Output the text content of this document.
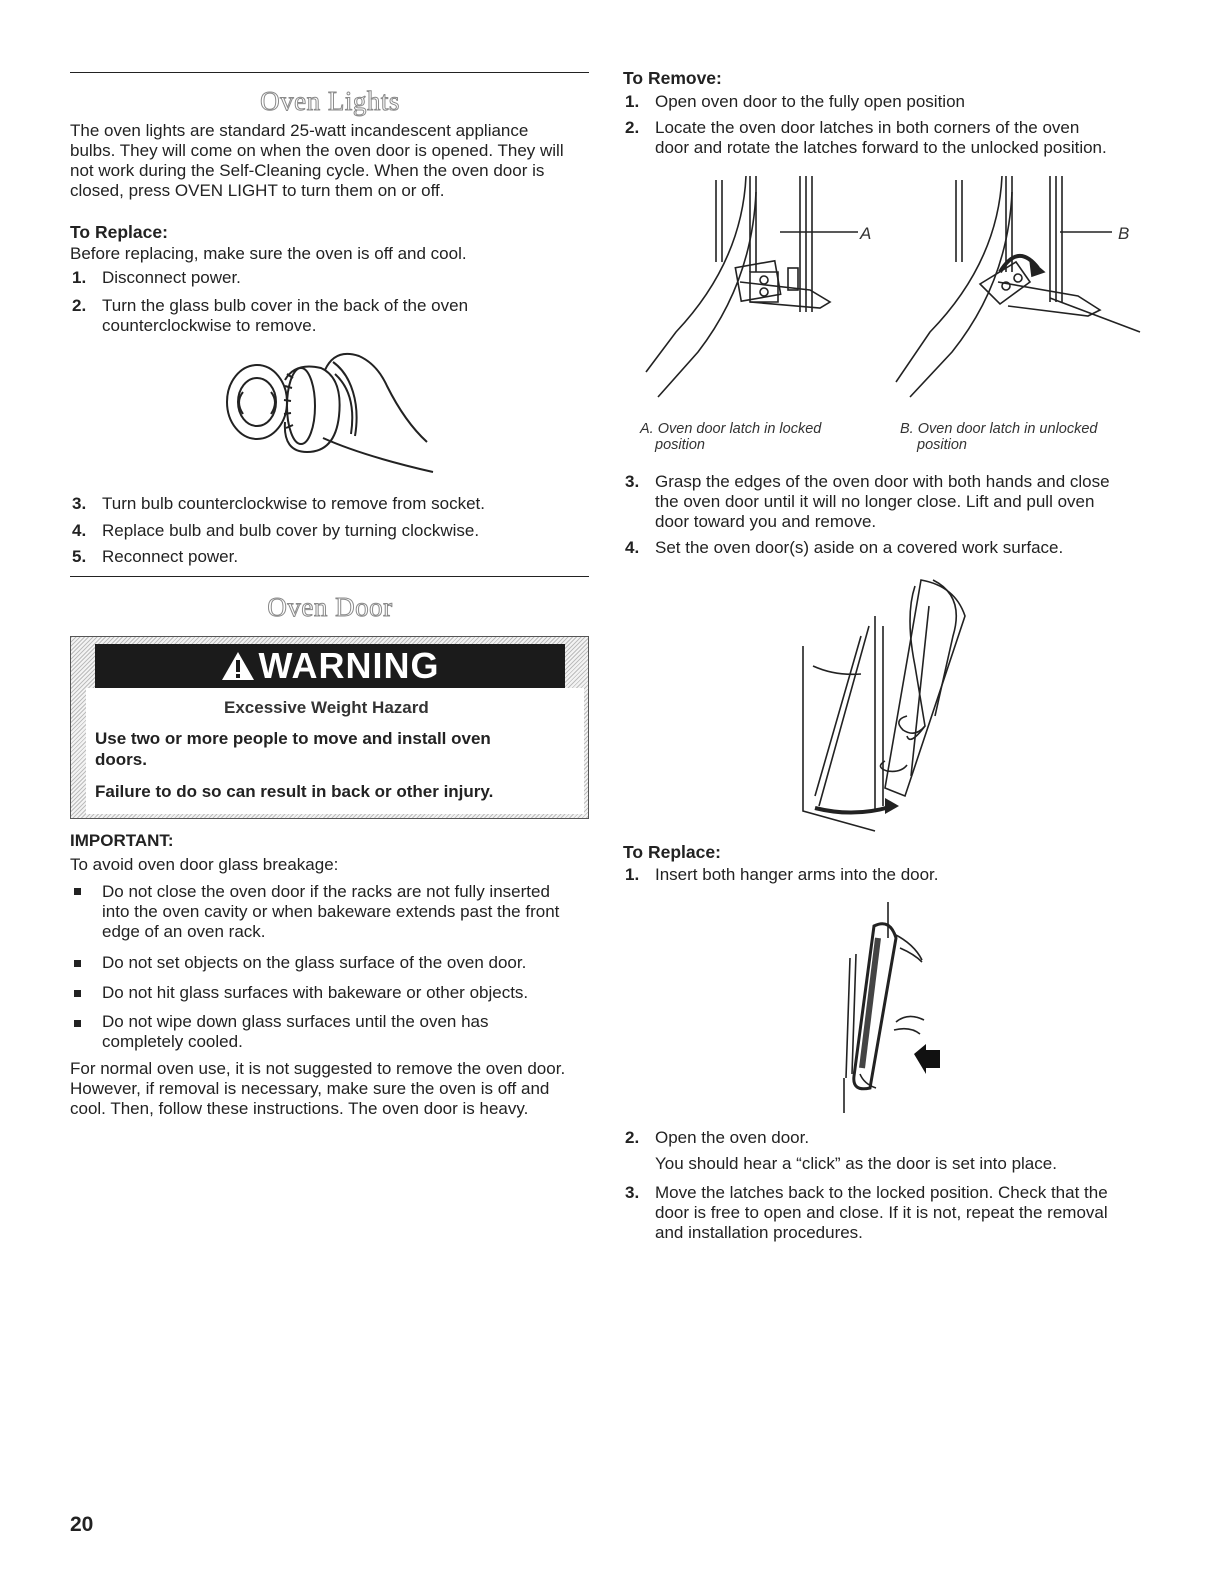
Oven Lights

The oven lights are standard 25-watt incandescent appliance

bulbs. They will come on when the oven door is opened. They will

not work during the Self-Cleaning cycle. When the oven door is

closed, press OVEN LIGHT to turn them on or off.

To Replace:

Before replacing, make sure the oven is off and cool.

1. Disconnect power.
2. Turn the glass bulb cover in the back of the oven
counterclockwise to remove.
3. Turn bulb counterclockwise to remove from socket.
4. Replace bulb and bulb cover by turning clockwise.
5. Reconnect power.
Oven Door
WARNING
Excessive Weight Hazard
Use two or more people to move and install oven
doors.
Failure to do so can result in back or other injury.

IMPORTANT:

To avoid oven door glass breakage:

Do not close the oven door if the racks are not fully inserted
into the oven cavity or when bakeware extends past the front
edge of an oven rack.
Do not set objects on the glass surface of the oven door.
Do not hit glass surfaces with bakeware or other objects.
Do not wipe down glass surfaces until the oven has
completely cooled.

For normal oven use, it is not suggested to remove the oven door.

However, if removal is necessary, make sure the oven is off and

cool. Then, follow these instructions. The oven door is heavy.

20

To Remove:

1. Open oven door to the fully open position
2. Locate the oven door latches in both corners of the oven
door and rotate the latches forward to the unlocked position.
A	B
A. Oven door latch in locked
position
B. Oven door latch in unlocked
position
3. Grasp the edges of the oven door with both hands and close
the oven door until it will no longer close. Lift and pull oven
door toward you and remove.
4. Set the oven door(s) aside on a covered work surface.

To Replace:

1. Insert both hanger arms into the door.
2. Open the oven door.
You should hear a “click” as the door is set into place.
3. Move the latches back to the locked position. Check that the
door is free to open and close. If it is not, repeat the removal
and installation procedures.
